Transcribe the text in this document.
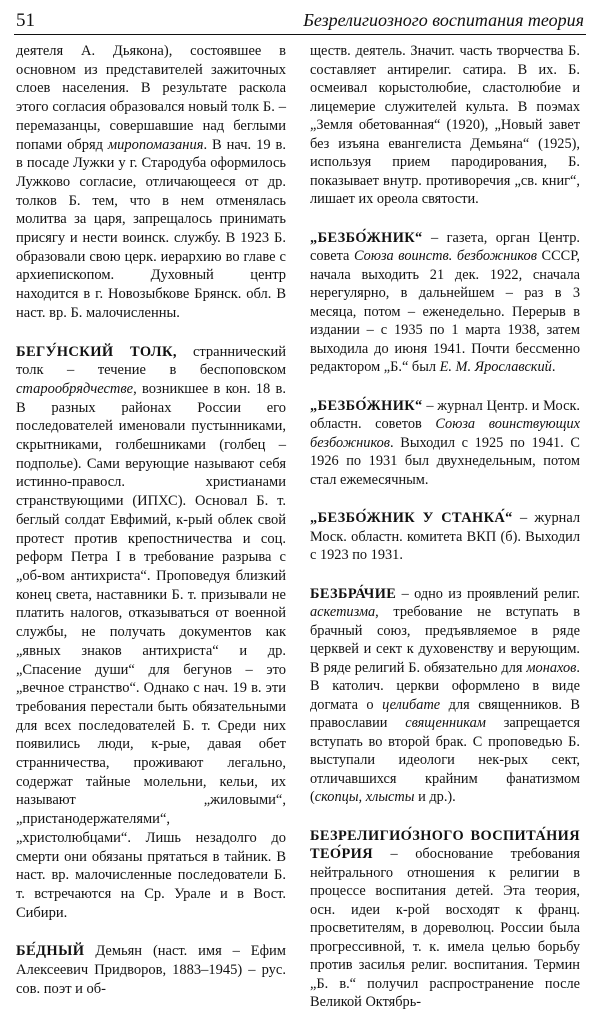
51	Безрелигиозного воспитания теория

деятеля А. Дьякона), состоявшее в основном из представителей зажиточных слоев населения. В результате раскола этого согласия образовался новый толк Б. – перемазанцы, совершавшие над беглыми попами обряд миропомазания. В нач. 19 в. в посаде Лужки у г. Стародуба оформилось Лужково согласие, отличающееся от др. толков Б. тем, что в нем отменялась молитва за царя, запрещалось принимать присягу и нести воинск. службу. В 1923 Б. образовали свою церк. иерархию во главе с архиепископом. Духовный центр находится в г. Новозыбкове Брянск. обл. В наст. вр. Б. малочисленны.

БЕГУ́НСКИЙ ТОЛК, страннический толк – течение в беспоповском старообрядчестве, возникшее в кон. 18 в. В разных районах России его последователей именовали пустынниками, скрытниками, голбешниками (голбец – подполье). Сами верующие называют себя истинно-правосл. христианами странствующими (ИПХС). Основал Б. т. беглый солдат Евфимий, к-рый облек свой протест против крепостничества и соц. реформ Петра I в требование разрыва с „об-вом антихриста“. Проповедуя близкий конец света, наставники Б. т. призывали не платить налогов, отказываться от военной службы, не получать документов как „явных знаков антихриста“ и др. „Спасение души“ для бегунов – это „вечное странство“. Однако с нач. 19 в. эти требования перестали быть обязательными для всех последователей Б. т. Среди них появились люди, к-рые, давая обет странничества, проживают легально, содержат тайные молельни, кельи, их называют „жиловыми“, „пристанодержателями“, „христолюбцами“. Лишь незадолго до смерти они обязаны прятаться в тайник. В наст. вр. малочисленные последователи Б. т. встречаются на Ср. Урале и в Вост. Сибири.

БЕ́ДНЫЙ Демьян (наст. имя – Ефим Алексеевич Придворов, 1883–1945) – рус. сов. поэт и об-

ществ. деятель. Значит. часть творчества Б. составляет антирелиг. сатира. В их. Б. осмеивал корыстолюбие, сластолюбие и лицемерие служителей культа. В поэмах „Земля обетованная“ (1920), „Новый завет без изъяна евангелиста Демьяна“ (1925), используя прием пародирования, Б. показывает внутр. противоречия „св. книг“, лишает их ореола святости.

„БЕЗБО́ЖНИК“ – газета, орган Центр. совета Союза воинств. безбожников СССР, начала выходить 21 дек. 1922, сначала нерегулярно, в дальнейшем – раз в 3 месяца, потом – еженедельно. Перерыв в издании – с 1935 по 1 марта 1938, затем выходила до июня 1941. Почти бессменно редактором „Б.“ был Е. М. Ярославский.

„БЕЗБО́ЖНИК“ – журнал Центр. и Моск. областн. советов Союза воинствующих безбожников. Выходил с 1925 по 1941. С 1926 по 1931 был двухнедельным, потом стал ежемесячным.

„БЕЗБО́ЖНИК У СТАНКА́“ – журнал Моск. областн. комитета ВКП (б). Выходил с 1923 по 1931.

БЕЗБРА́ЧИЕ – одно из проявлений религ. аскетизма, требование не вступать в брачный союз, предъявляемое в ряде церквей и сект к духовенству и верующим. В ряде религий Б. обязательно для монахов. В католич. церкви оформлено в виде догмата о целибате для священников. В православии священникам запрещается вступать во второй брак. С проповедью Б. выступали идеологи нек-рых сект, отличавшихся крайним фанатизмом (скопцы, хлысты и др.).

БЕЗРЕЛИГИО́ЗНОГО ВОСПИТА́НИЯ ТЕО́РИЯ – обоснование требования нейтрального отношения к религии в процессе воспитания детей. Эта теория, осн. идеи к-рой восходят к франц. просветителям, в дореволюц. России была прогрессивной, т. к. имела целью борьбу против засилья религ. воспитания. Термин „Б. в.“ получил распространение после Великой Октябрь-
